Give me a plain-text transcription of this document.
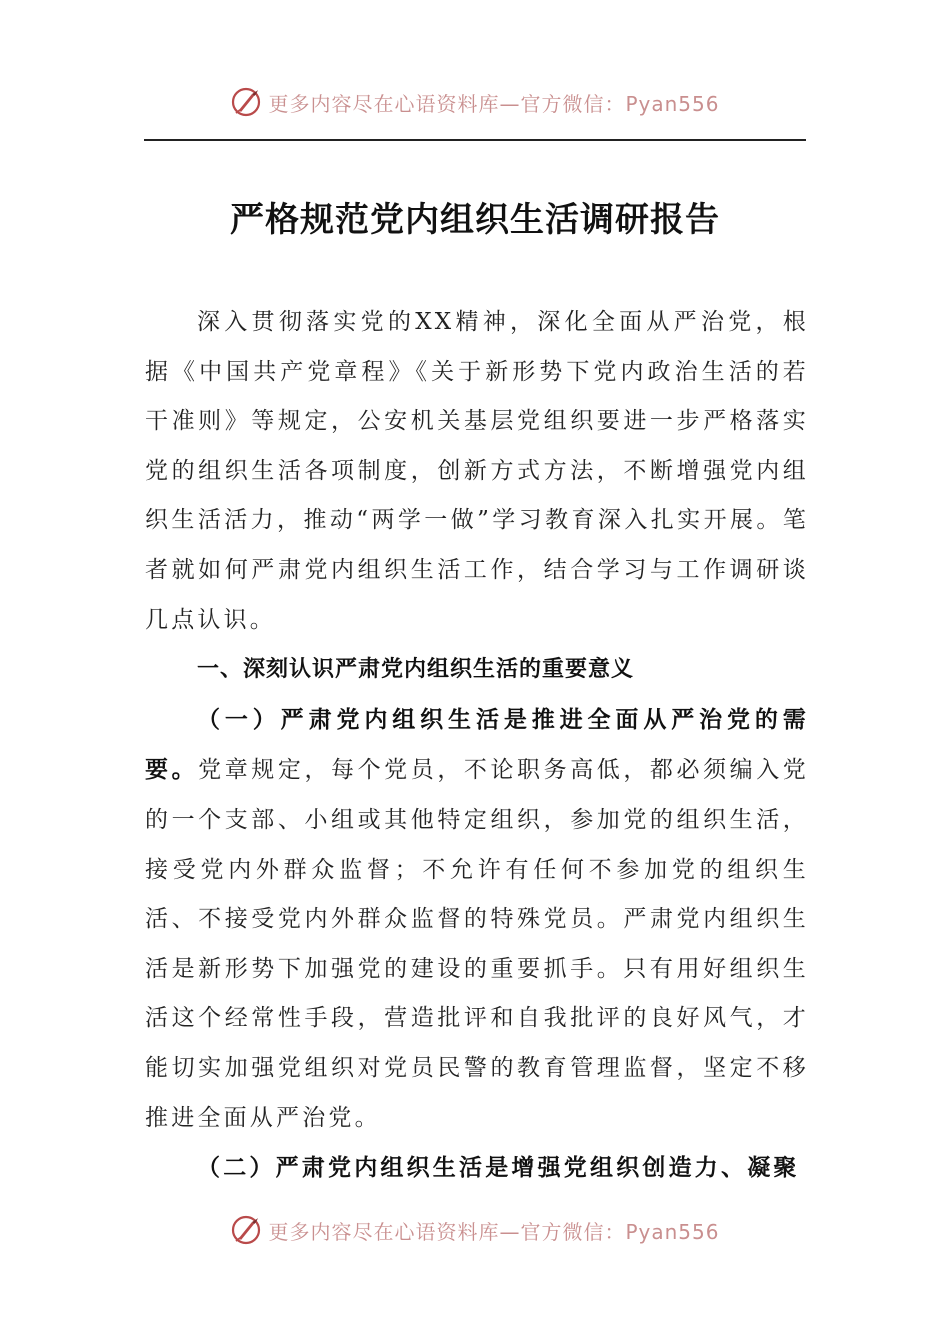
更多内容尽在心语资料库—官方微信：Pyan556
严格规范党内组织生活调研报告

深入贯彻落实党的XX精神，深化全面从严治党，根据《中国共产党章程》《关于新形势下党内政治生活的若干准则》等规定，公安机关基层党组织要进一步严格落实党的组织生活各项制度，创新方式方法，不断增强党内组织生活活力，推动“两学一做”学习教育深入扎实开展。笔者就如何严肃党内组织生活工作，结合学习与工作调研谈几点认识。

一、深刻认识严肃党内组织生活的重要意义

（一）严肃党内组织生活是推进全面从严治党的需要。党章规定，每个党员，不论职务高低，都必须编入党的一个支部、小组或其他特定组织，参加党的组织生活，接受党内外群众监督；不允许有任何不参加党的组织生活、不接受党内外群众监督的特殊党员。严肃党内组织生活是新形势下加强党的建设的重要抓手。只有用好组织生活这个经常性手段，营造批评和自我批评的良好风气，才能切实加强党组织对党员民警的教育管理监督，坚定不移推进全面从严治党。

（二）严肃党内组织生活是增强党组织创造力、凝聚

更多内容尽在心语资料库—官方微信：Pyan556
